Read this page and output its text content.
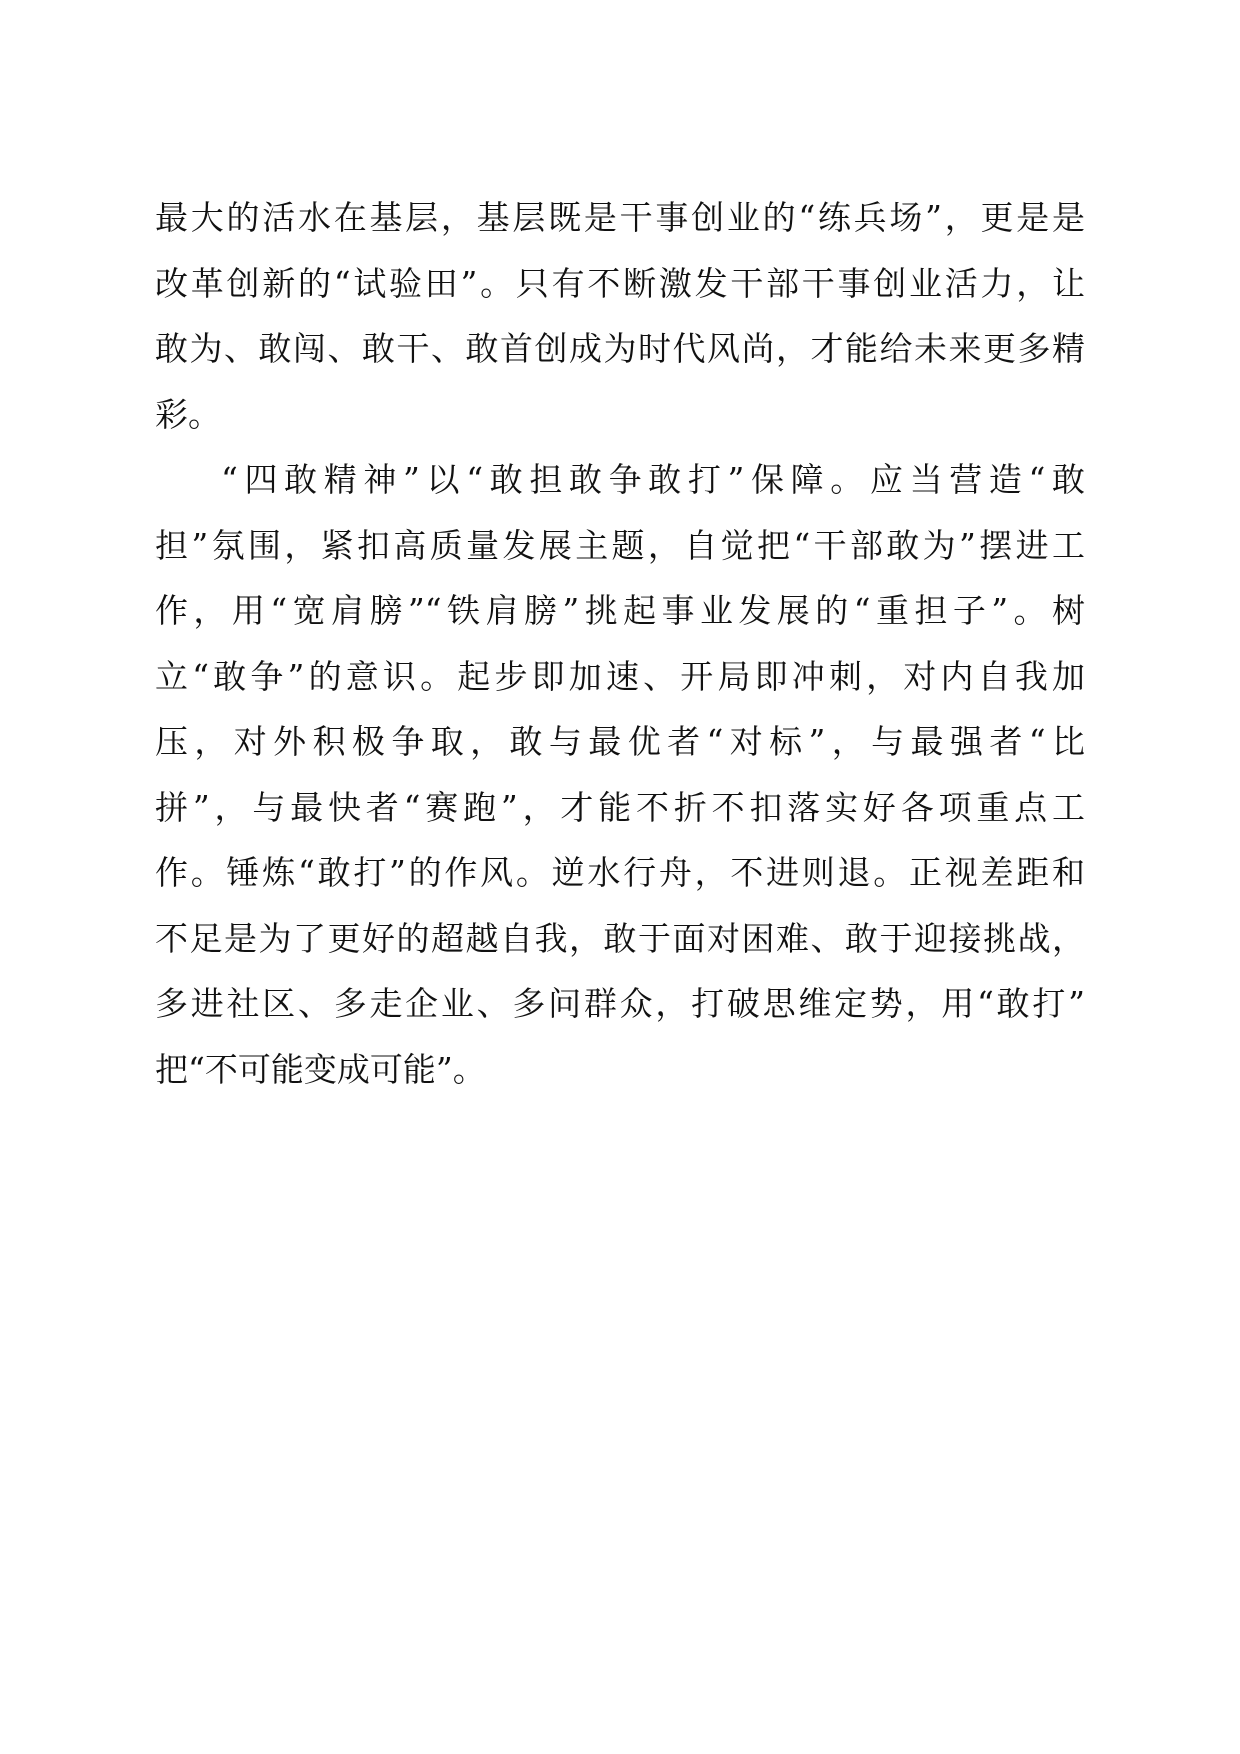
最大的活水在基层，基层既是干事创业的“练兵场”，更是是
改革创新的“试验田”。只有不断激发干部干事创业活力，让
敢为、敢闯、敢干、敢首创成为时代风尚，才能给未来更多精
彩。
“四敢精神”以“敢担敢争敢打”保障。应当营造“敢
担”氛围，紧扣高质量发展主题，自觉把“干部敢为”摆进工
作，用“宽肩膀”“铁肩膀”挑起事业发展的“重担子”。树
立“敢争”的意识。起步即加速、开局即冲刺，对内自我加
压，对外积极争取，敢与最优者“对标”，与最强者“比
拼”，与最快者“赛跑”，才能不折不扣落实好各项重点工
作。锤炼“敢打”的作风。逆水行舟，不进则退。正视差距和
不足是为了更好的超越自我，敢于面对困难、敢于迎接挑战，
多进社区、多走企业、多问群众，打破思维定势，用“敢打”
把“不可能变成可能”。
